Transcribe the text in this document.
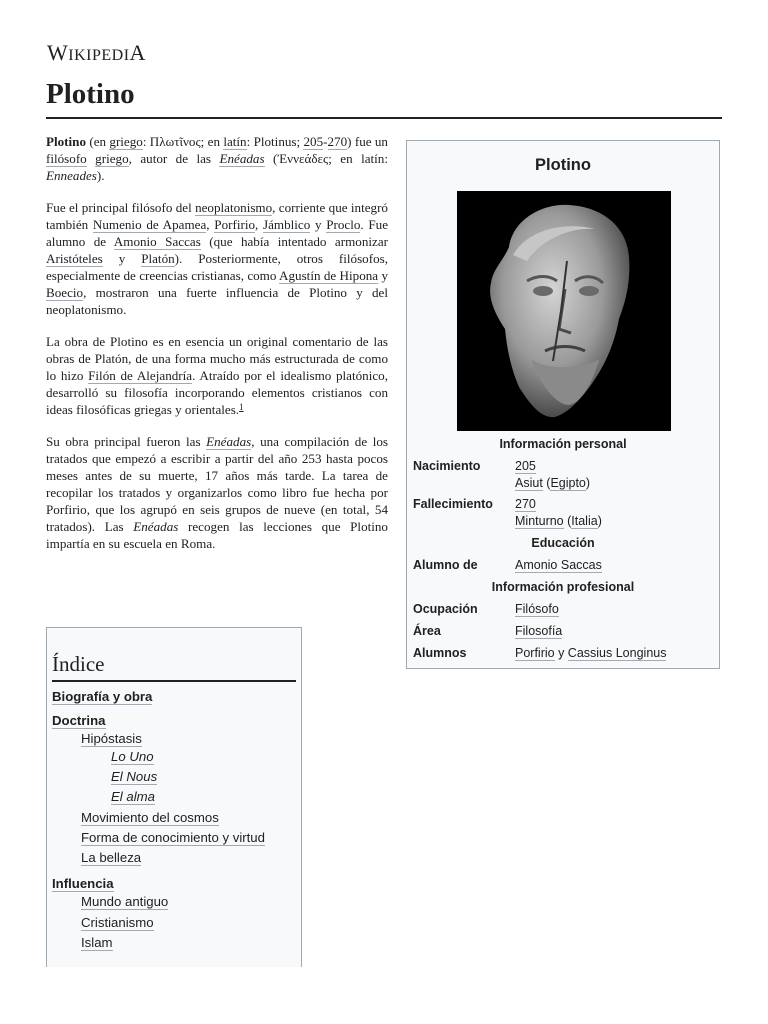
WIKIPEDIA
Plotino

Plotino (en griego: Πλωτῖνος; en latín: Plotinus; 205-270) fue un filósofo griego, autor de las Enéadas (Ἐννεάδες; en latín: Enneades).

Fue el principal filósofo del neoplatonismo, corriente que integró también Numenio de Apamea, Porfirio, Jámblico y Proclo. Fue alumno de Amonio Saccas (que había intentado armonizar Aristóteles y Platón). Posteriormente, otros filósofos, especialmente de creencias cristianas, como Agustín de Hipona y Boecio, mostraron una fuerte influencia de Plotino y del neoplatonismo.

La obra de Plotino es en esencia un original comentario de las obras de Platón, de una forma mucho más estructurada de como lo hizo Filón de Alejandría. Atraído por el idealismo platónico, desarrolló su filosofía incorporando elementos cristianos con ideas filosóficas griegas y orientales.$^1$

Su obra principal fueron las Enéadas, una compilación de los tratados que empezó a escribir a partir del año 253 hasta pocos meses antes de su muerte, 17 años más tarde. La tarea de recopilar los tratados y organizarlos como libro fue hecha por Porfirio, que los agrupó en seis grupos de nueve (en total, 54 tratados). Las Enéadas recogen las lecciones que Plotino impartía en su escuela en Roma.

Plotino
Información personal
Nacimiento	205
Asiut (Egipto)
Fallecimiento 270
Minturno (Italia)
Educación
Alumno de	Amonio Saccas
Información profesional
Ocupación	Filósofo
Área	Filosofía
Alumnos	Porfirio y Cassius Longinus
Índice
Biografía y obra
Doctrina
Hipóstasis
Lo Uno
El Nous
El alma
Movimiento del cosmos
Forma de conocimiento y virtud
La belleza
Influencia
Mundo antiguo
Cristianismo
Islam
